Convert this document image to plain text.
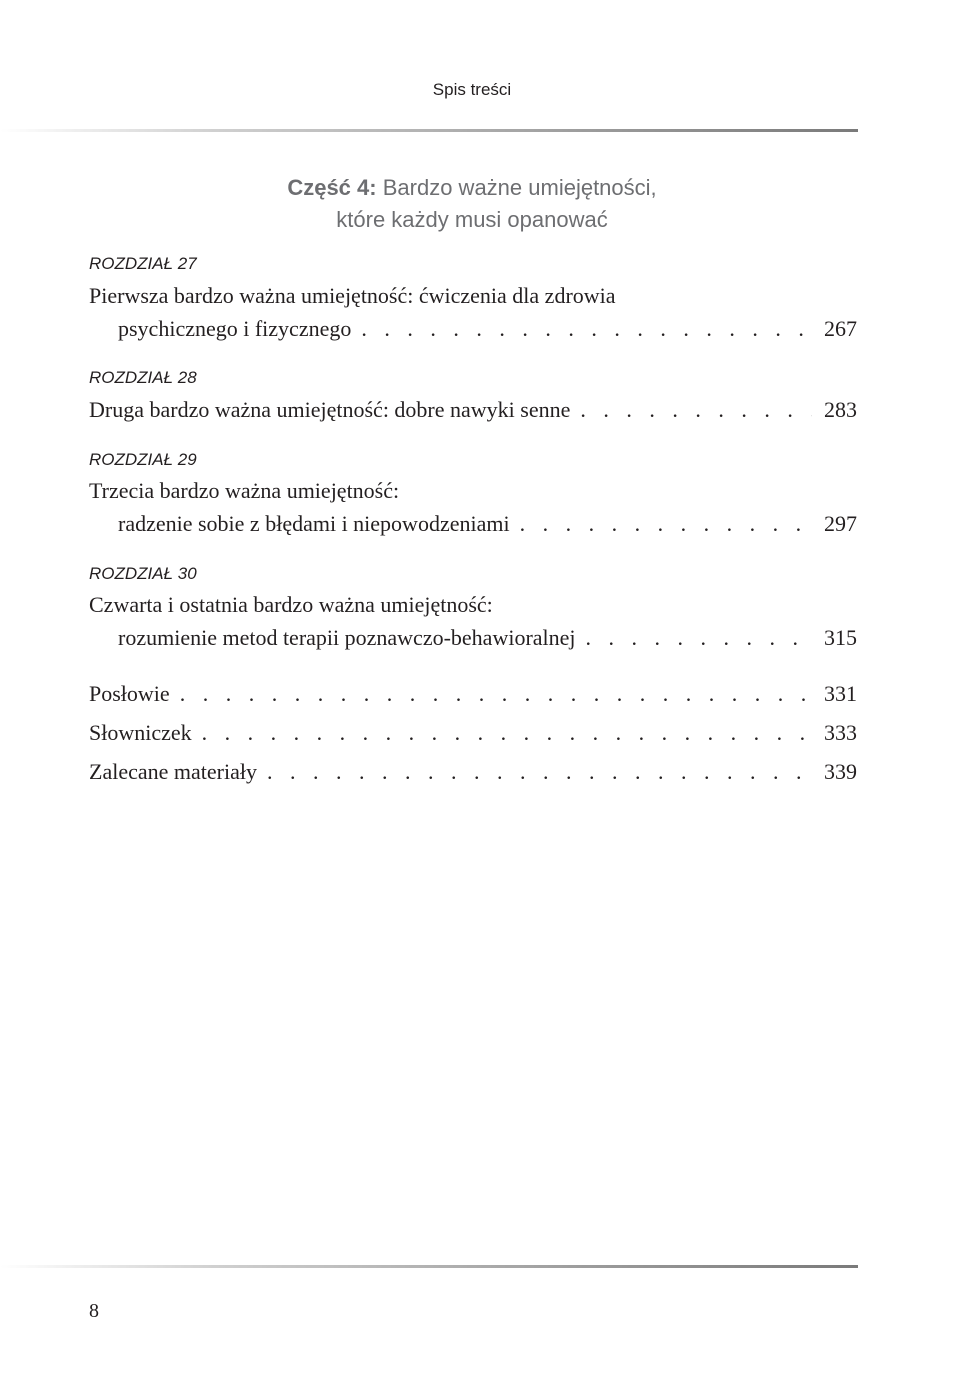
Spis treści
Część 4: Bardzo ważne umiejętności,
które każdy musi opanować
ROZDZIAŁ 27
Pierwsza bardzo ważna umiejętność: ćwiczenia dla zdrowia
psychicznego i fizycznego . . .	267
ROZDZIAŁ 28
Druga bardzo ważna umiejętność: dobre nawyki senne . . .	283
ROZDZIAŁ 29
Trzecia bardzo ważna umiejętność:
radzenie sobie z błędami i niepowodzeniami . . .	297
ROZDZIAŁ 30
Czwarta i ostatnia bardzo ważna umiejętność:
rozumienie metod terapii poznawczo-behawioralnej . . .	315
Posłowie . . .	331
Słowniczek . . .	333
Zalecane materiały . . .	339
8
